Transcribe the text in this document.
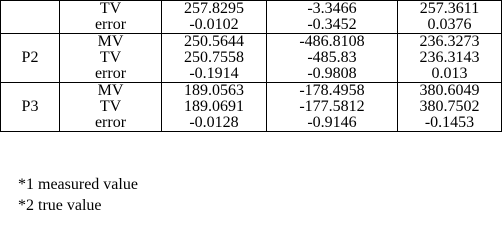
	TV	257.8295	-3.3466	257.3611
	error	-0.0102	-0.3452	0.0376
P2	MV	250.5644	-486.8108	236.3273
	TV	250.7558	-485.83	236.3143
	error	-0.1914	-0.9808	0.013
P3	MV	189.0563	-178.4958	380.6049
	TV	189.0691	-177.5812	380.7502
	error	-0.0128	-0.9146	-0.1453
*1 measured value
*2 true value
